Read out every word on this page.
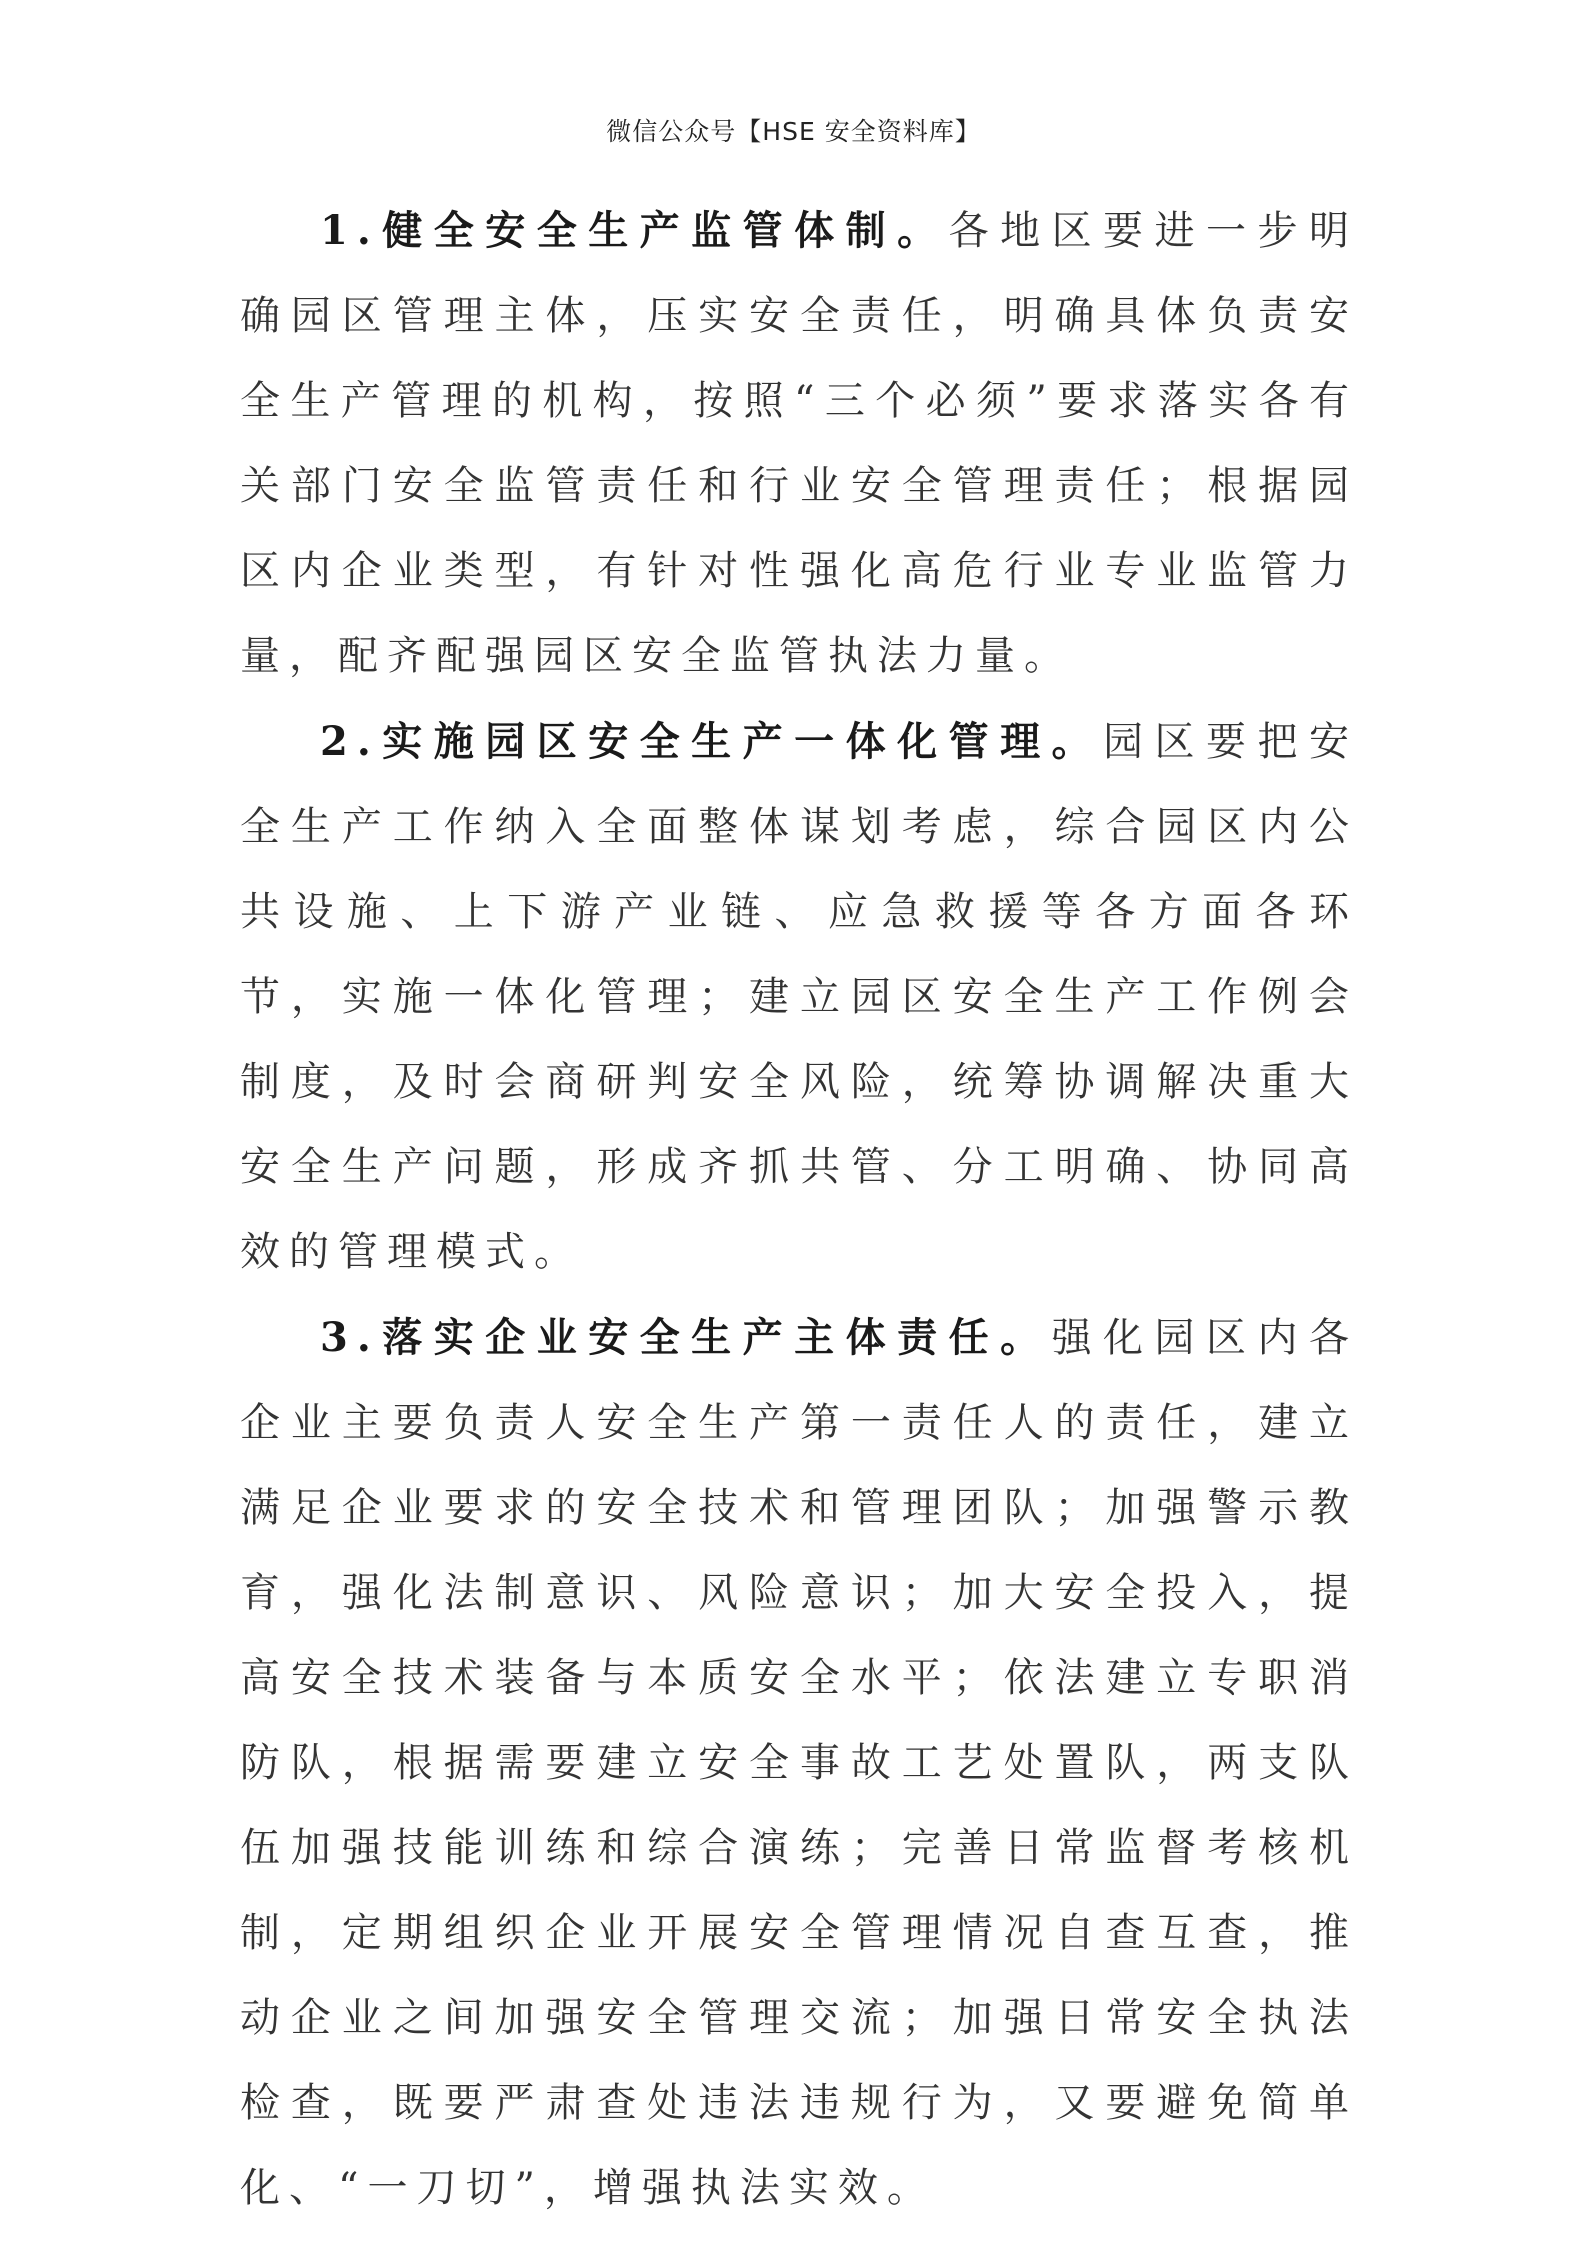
微信公众号【HSE 安全资料库】

1.健全安全生产监管体制。各地区要进一步明确园区管理主体，压实安全责任，明确具体负责安全生产管理的机构，按照“三个必须”要求落实各有关部门安全监管责任和行业安全管理责任；根据园区内企业类型，有针对性强化高危行业专业监管力量，配齐配强园区安全监管执法力量。

2.实施园区安全生产一体化管理。园区要把安全生产工作纳入全面整体谋划考虑，综合园区内公共设施、上下游产业链、应急救援等各方面各环节，实施一体化管理；建立园区安全生产工作例会制度，及时会商研判安全风险，统筹协调解决重大安全生产问题，形成齐抓共管、分工明确、协同高效的管理模式。

3.落实企业安全生产主体责任。强化园区内各企业主要负责人安全生产第一责任人的责任，建立满足企业要求的安全技术和管理团队；加强警示教育，强化法制意识、风险意识；加大安全投入，提高安全技术装备与本质安全水平；依法建立专职消防队，根据需要建立安全事故工艺处置队，两支队伍加强技能训练和综合演练；完善日常监督考核机制，定期组织企业开展安全管理情况自查互查，推动企业之间加强安全管理交流；加强日常安全执法检查，既要严肃查处违法违规行为，又要避免简单化、“一刀切”，增强执法实效。
